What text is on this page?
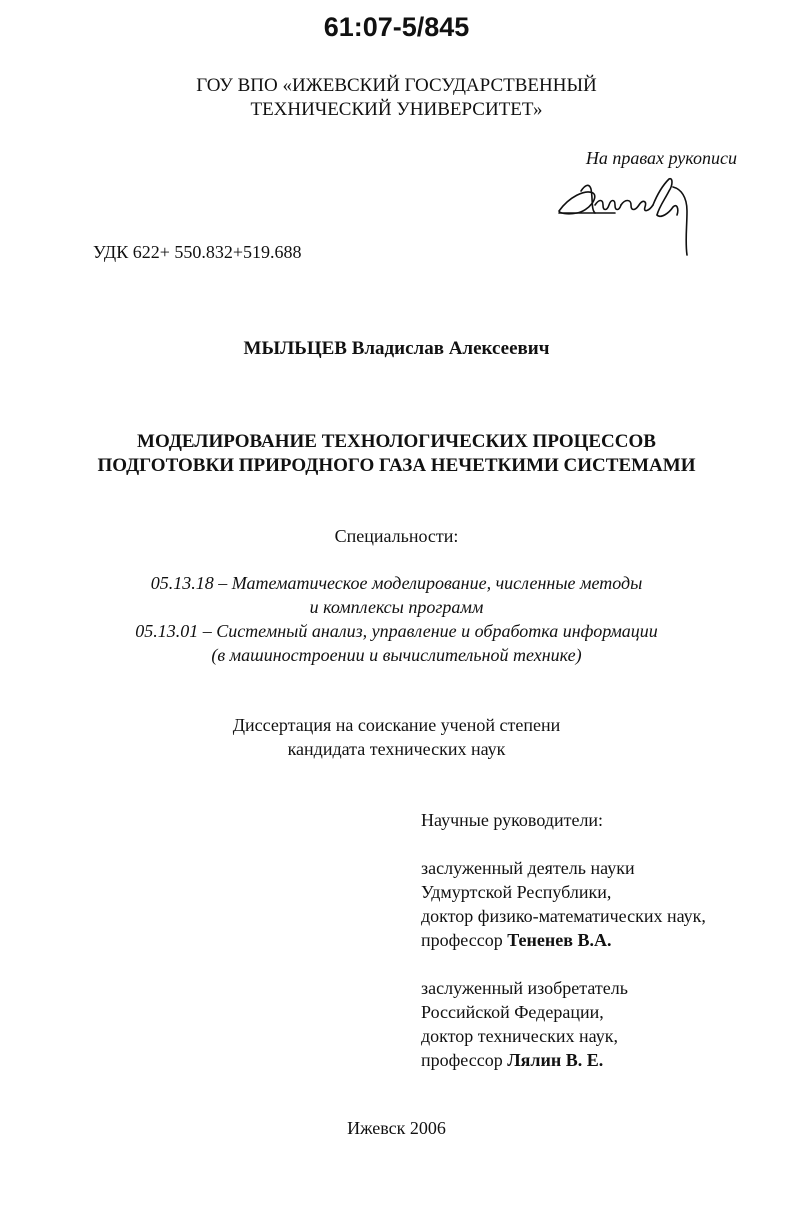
61:07-5/845
ГОУ ВПО «ИЖЕВСКИЙ ГОСУДАРСТВЕННЫЙ
ТЕХНИЧЕСКИЙ УНИВЕРСИТЕТ»
На правах рукописи
УДК 622+ 550.832+519.688
МЫЛЬЦЕВ Владислав Алексеевич
МОДЕЛИРОВАНИЕ ТЕХНОЛОГИЧЕСКИХ ПРОЦЕССОВ
ПОДГОТОВКИ ПРИРОДНОГО ГАЗА НЕЧЕТКИМИ СИСТЕМАМИ
Специальности:
05.13.18 – Математическое моделирование, численные методы
и комплексы программ
05.13.01 – Системный анализ, управление и обработка информации
(в машиностроении и вычислительной технике)
Диссертация на соискание ученой степени
кандидата технических наук
Научные руководители:
заслуженный деятель науки
Удмуртской Республики,
доктор физико-математических наук,
профессор Тененев В.А.
заслуженный изобретатель
Российской Федерации,
доктор технических наук,
профессор Лялин В. Е.
Ижевск 2006
